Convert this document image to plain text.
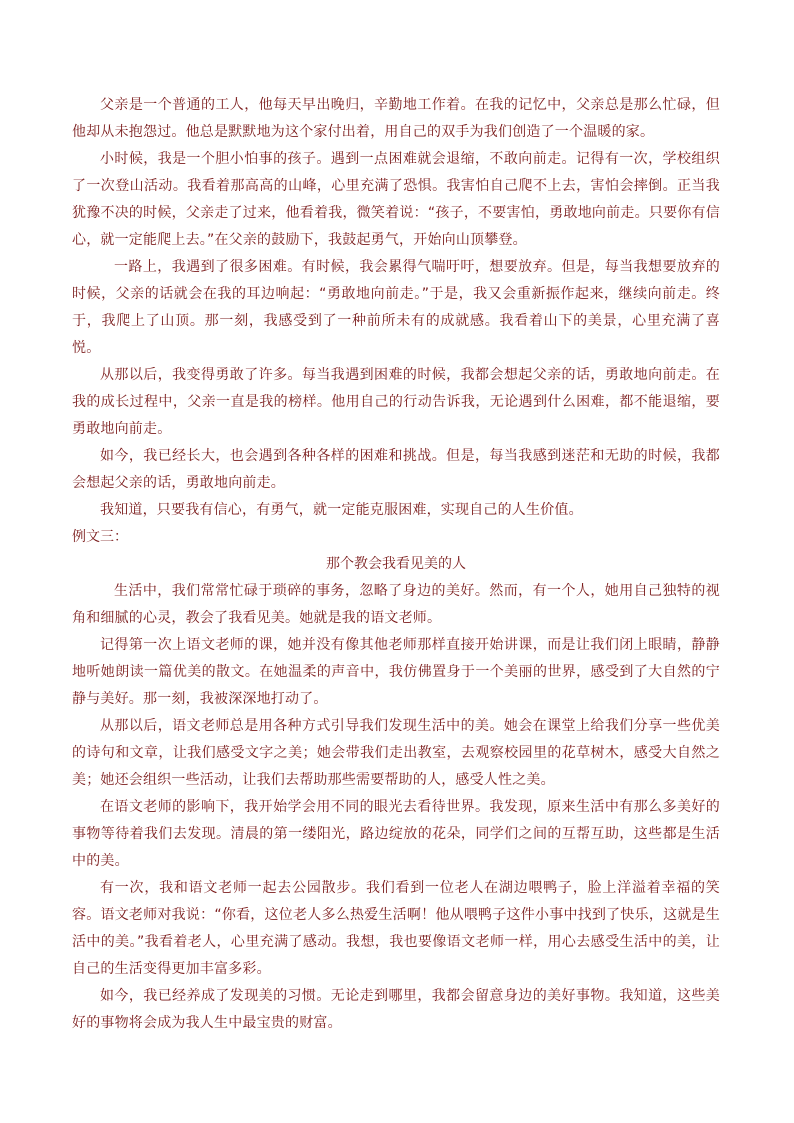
父亲是一个普通的工人，他每天早出晚归，辛勤地工作着。在我的记忆中，父亲总是那么忙碌，但他却从未抱怨过。他总是默默地为这个家付出着，用自己的双手为我们创造了一个温暖的家。

小时候，我是一个胆小怕事的孩子。遇到一点困难就会退缩，不敢向前走。记得有一次，学校组织了一次登山活动。我看着那高高的山峰，心里充满了恐惧。我害怕自己爬不上去，害怕会摔倒。正当我犹豫不决的时候，父亲走了过来，他看着我，微笑着说：“孩子，不要害怕，勇敢地向前走。只要你有信心，就一定能爬上去。”在父亲的鼓励下，我鼓起勇气，开始向山顶攀登。

一路上，我遇到了很多困难。有时候，我会累得气喘吁吁，想要放弃。但是，每当我想要放弃的时候，父亲的话就会在我的耳边响起：“勇敢地向前走。”于是，我又会重新振作起来，继续向前走。终于，我爬上了山顶。那一刻，我感受到了一种前所未有的成就感。我看着山下的美景，心里充满了喜悦。

从那以后，我变得勇敢了许多。每当我遇到困难的时候，我都会想起父亲的话，勇敢地向前走。在我的成长过程中，父亲一直是我的榜样。他用自己的行动告诉我，无论遇到什么困难，都不能退缩，要勇敢地向前走。

如今，我已经长大，也会遇到各种各样的困难和挑战。但是，每当我感到迷茫和无助的时候，我都会想起父亲的话，勇敢地向前走。

我知道，只要我有信心，有勇气，就一定能克服困难，实现自己的人生价值。

例文三：

那个教会我看见美的人

生活中，我们常常忙碌于琐碎的事务，忽略了身边的美好。然而，有一个人，她用自己独特的视角和细腻的心灵，教会了我看见美。她就是我的语文老师。

记得第一次上语文老师的课，她并没有像其他老师那样直接开始讲课，而是让我们闭上眼睛，静静地听她朗读一篇优美的散文。在她温柔的声音中，我仿佛置身于一个美丽的世界，感受到了大自然的宁静与美好。那一刻，我被深深地打动了。

从那以后，语文老师总是用各种方式引导我们发现生活中的美。她会在课堂上给我们分享一些优美的诗句和文章，让我们感受文字之美；她会带我们走出教室，去观察校园里的花草树木，感受大自然之美；她还会组织一些活动，让我们去帮助那些需要帮助的人，感受人性之美。

在语文老师的影响下，我开始学会用不同的眼光去看待世界。我发现，原来生活中有那么多美好的事物等待着我们去发现。清晨的第一缕阳光，路边绽放的花朵，同学们之间的互帮互助，这些都是生活中的美。

有一次，我和语文老师一起去公园散步。我们看到一位老人在湖边喂鸭子，脸上洋溢着幸福的笑容。语文老师对我说：“你看，这位老人多么热爱生活啊！他从喂鸭子这件小事中找到了快乐，这就是生活中的美。”我看着老人，心里充满了感动。我想，我也要像语文老师一样，用心去感受生活中的美，让自己的生活变得更加丰富多彩。

如今，我已经养成了发现美的习惯。无论走到哪里，我都会留意身边的美好事物。我知道，这些美好的事物将会成为我人生中最宝贵的财富。
